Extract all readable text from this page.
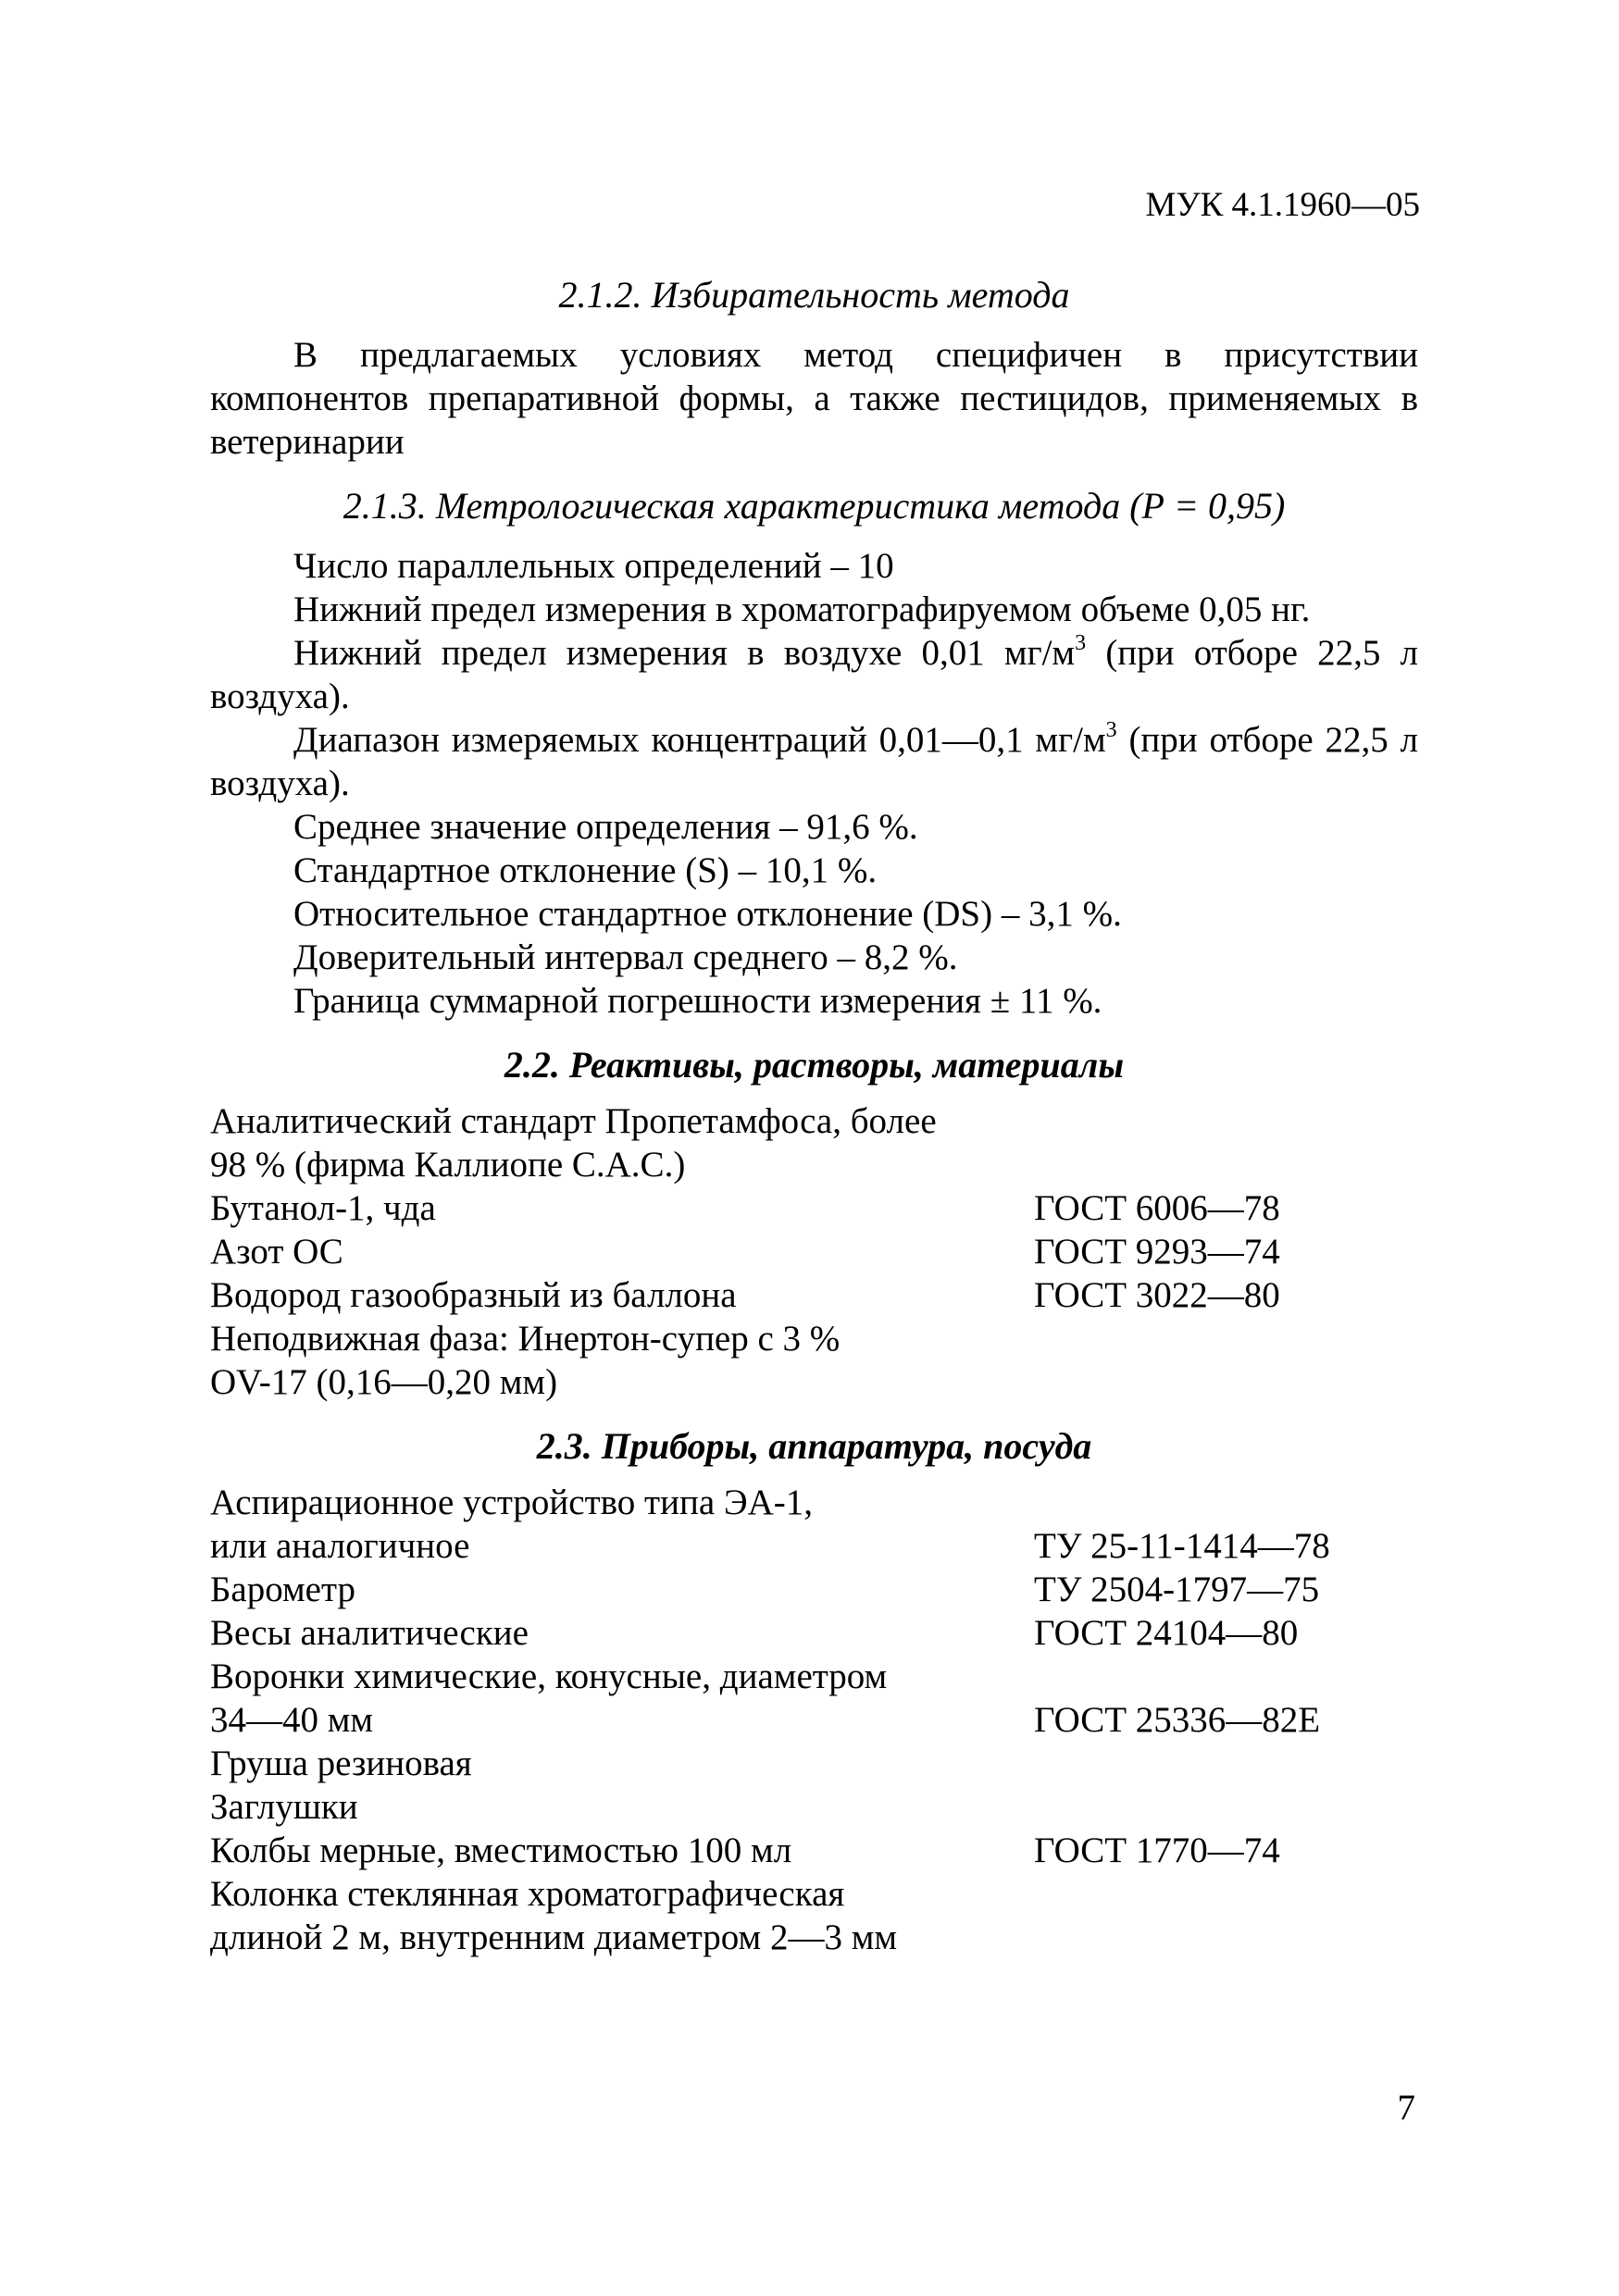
МУК 4.1.1960—05

2.1.2. Избирательность метода

В предлагаемых условиях метод специфичен в присутствии компонентов препаративной формы, а также пестицидов, применяемых в ветеринарии

2.1.3. Метрологическая характеристика метода (Р = 0,95)

Число параллельных определений – 10

Нижний предел измерения в хроматографируемом объеме 0,05 нг.

Нижний предел измерения в воздухе 0,01 $мг/м^3$ (при отборе 22,5 л воздуха).

Диапазон измеряемых концентраций 0,01—0,1 $мг/м^3$ (при отборе 22,5 л воздуха).

Среднее значение определения – 91,6 %.

Стандартное отклонение (S) – 10,1 %.

Относительное стандартное отклонение (DS) – 3,1 %.

Доверительный интервал среднего – 8,2 %.

Граница суммарной погрешности измерения ± 11 %.

2.2. Реактивы, растворы, материалы

Аналитический стандарт Пропетамфоса, более
98 % (фирма Каллиопе С.А.С.)
Бутанол-1, чда	ГОСТ 6006—78
Азот ОС	ГОСТ 9293—74
Водород газообразный из баллона	ГОСТ 3022—80
Неподвижная фаза: Инертон-супер с 3 %
OV-17 (0,16—0,20 мм)

2.3. Приборы, аппаратура, посуда

Аспирационное устройство типа ЭА-1,
или аналогичное	ТУ 25-11-1414—78
Барометр	ТУ 2504-1797—75
Весы аналитические	ГОСТ 24104—80
Воронки химические, конусные, диаметром
34—40 мм	ГОСТ 25336—82Е
Груша резиновая
Заглушки
Колбы мерные, вместимостью 100 мл	ГОСТ 1770—74
Колонка стеклянная хроматографическая
длиной 2 м, внутренним диаметром 2—3 мм
7
